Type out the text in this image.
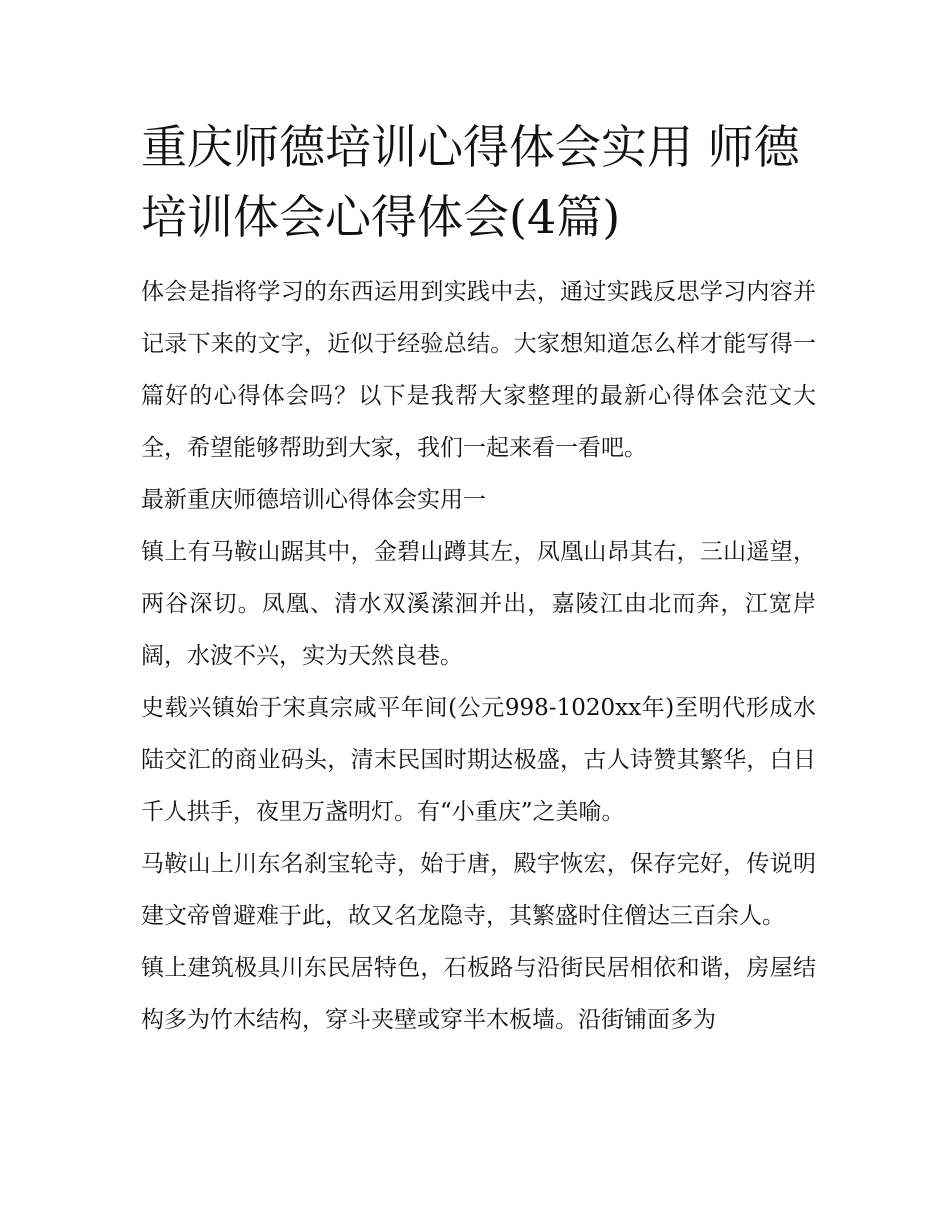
重庆师德培训心得体会实用 师德培训体会心得体会(4篇)

体会是指将学习的东西运用到实践中去，通过实践反思学习内容并记录下来的文字，近似于经验总结。大家想知道怎么样才能写得一篇好的心得体会吗？以下是我帮大家整理的最新心得体会范文大全，希望能够帮助到大家，我们一起来看一看吧。

最新重庆师德培训心得体会实用一

镇上有马鞍山踞其中，金碧山蹲其左，凤凰山昂其右，三山遥望，两谷深切。凤凰、清水双溪潆洄并出，嘉陵江由北而奔，江宽岸阔，水波不兴，实为天然良巷。

史载兴镇始于宋真宗咸平年间(公元998-1020xx年)至明代形成水陆交汇的商业码头，清末民国时期达极盛，古人诗赞其繁华，白日千人拱手，夜里万盏明灯。有“小重庆”之美喻。

马鞍山上川东名刹宝轮寺，始于唐，殿宇恢宏，保存完好，传说明建文帝曾避难于此，故又名龙隐寺，其繁盛时住僧达三百余人。

镇上建筑极具川东民居特色，石板路与沿街民居相依和谐，房屋结构多为竹木结构，穿斗夹壁或穿半木板墙。沿街铺面多为
